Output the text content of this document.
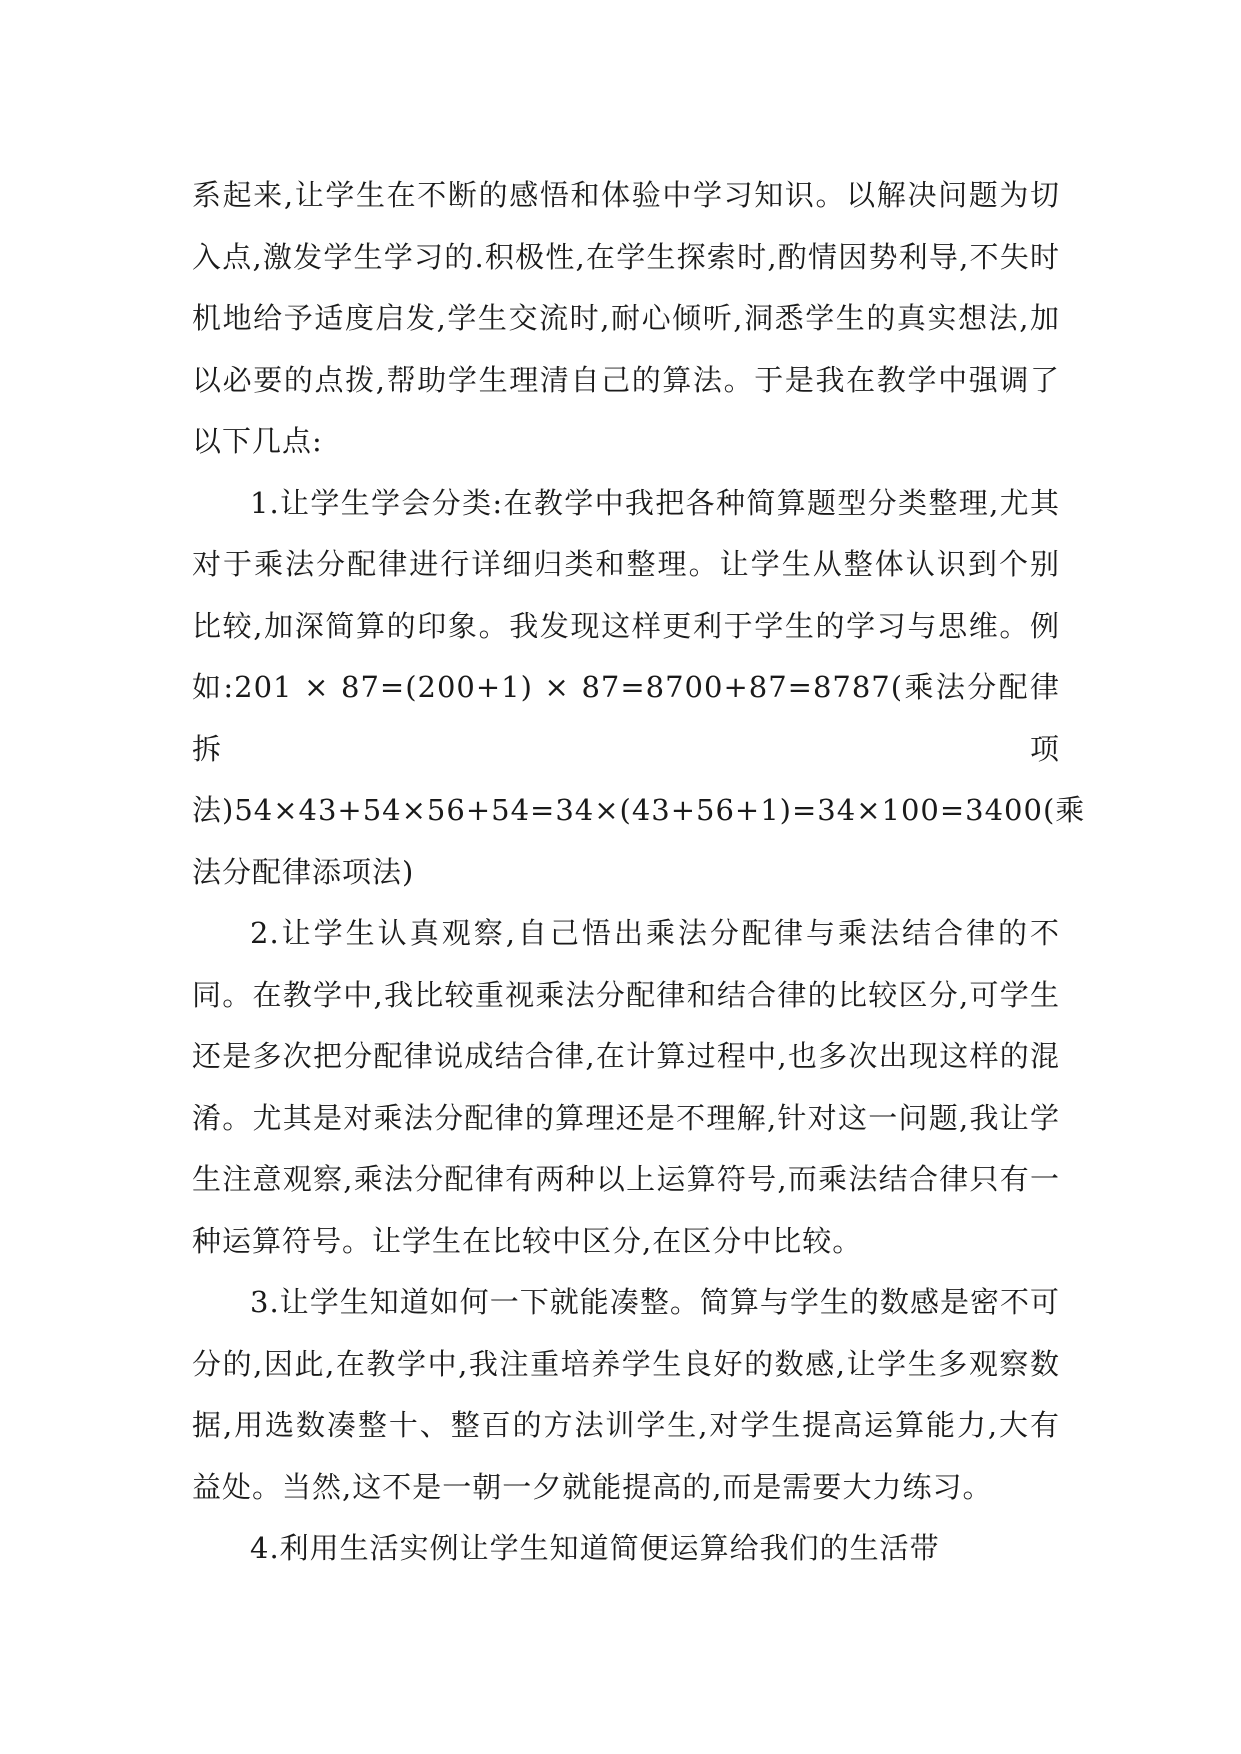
系起来,让学生在不断的感悟和体验中学习知识。以解决问题为切入点,激发学生学习的.积极性,在学生探索时,酌情因势利导,不失时机地给予适度启发,学生交流时,耐心倾听,洞悉学生的真实想法,加以必要的点拨,帮助学生理清自己的算法。于是我在教学中强调了以下几点:

1.让学生学会分类:在教学中我把各种简算题型分类整理,尤其对于乘法分配律进行详细归类和整理。让学生从整体认识到个别比较,加深简算的印象。我发现这样更利于学生的学习与思维。例如:201 × 87=(200+1) × 87=8700+87=8787(乘法分配律拆项法)54×43+54×56+54=34×(43+56+1)=34×100=3400(乘法分配律添项法)

2.让学生认真观察,自己悟出乘法分配律与乘法结合律的不同。在教学中,我比较重视乘法分配律和结合律的比较区分,可学生还是多次把分配律说成结合律,在计算过程中,也多次出现这样的混淆。尤其是对乘法分配律的算理还是不理解,针对这一问题,我让学生注意观察,乘法分配律有两种以上运算符号,而乘法结合律只有一种运算符号。让学生在比较中区分,在区分中比较。

3.让学生知道如何一下就能凑整。简算与学生的数感是密不可分的,因此,在教学中,我注重培养学生良好的数感,让学生多观察数据,用选数凑整十、整百的方法训学生,对学生提高运算能力,大有益处。当然,这不是一朝一夕就能提高的,而是需要大力练习。

4.利用生活实例让学生知道简便运算给我们的生活带
